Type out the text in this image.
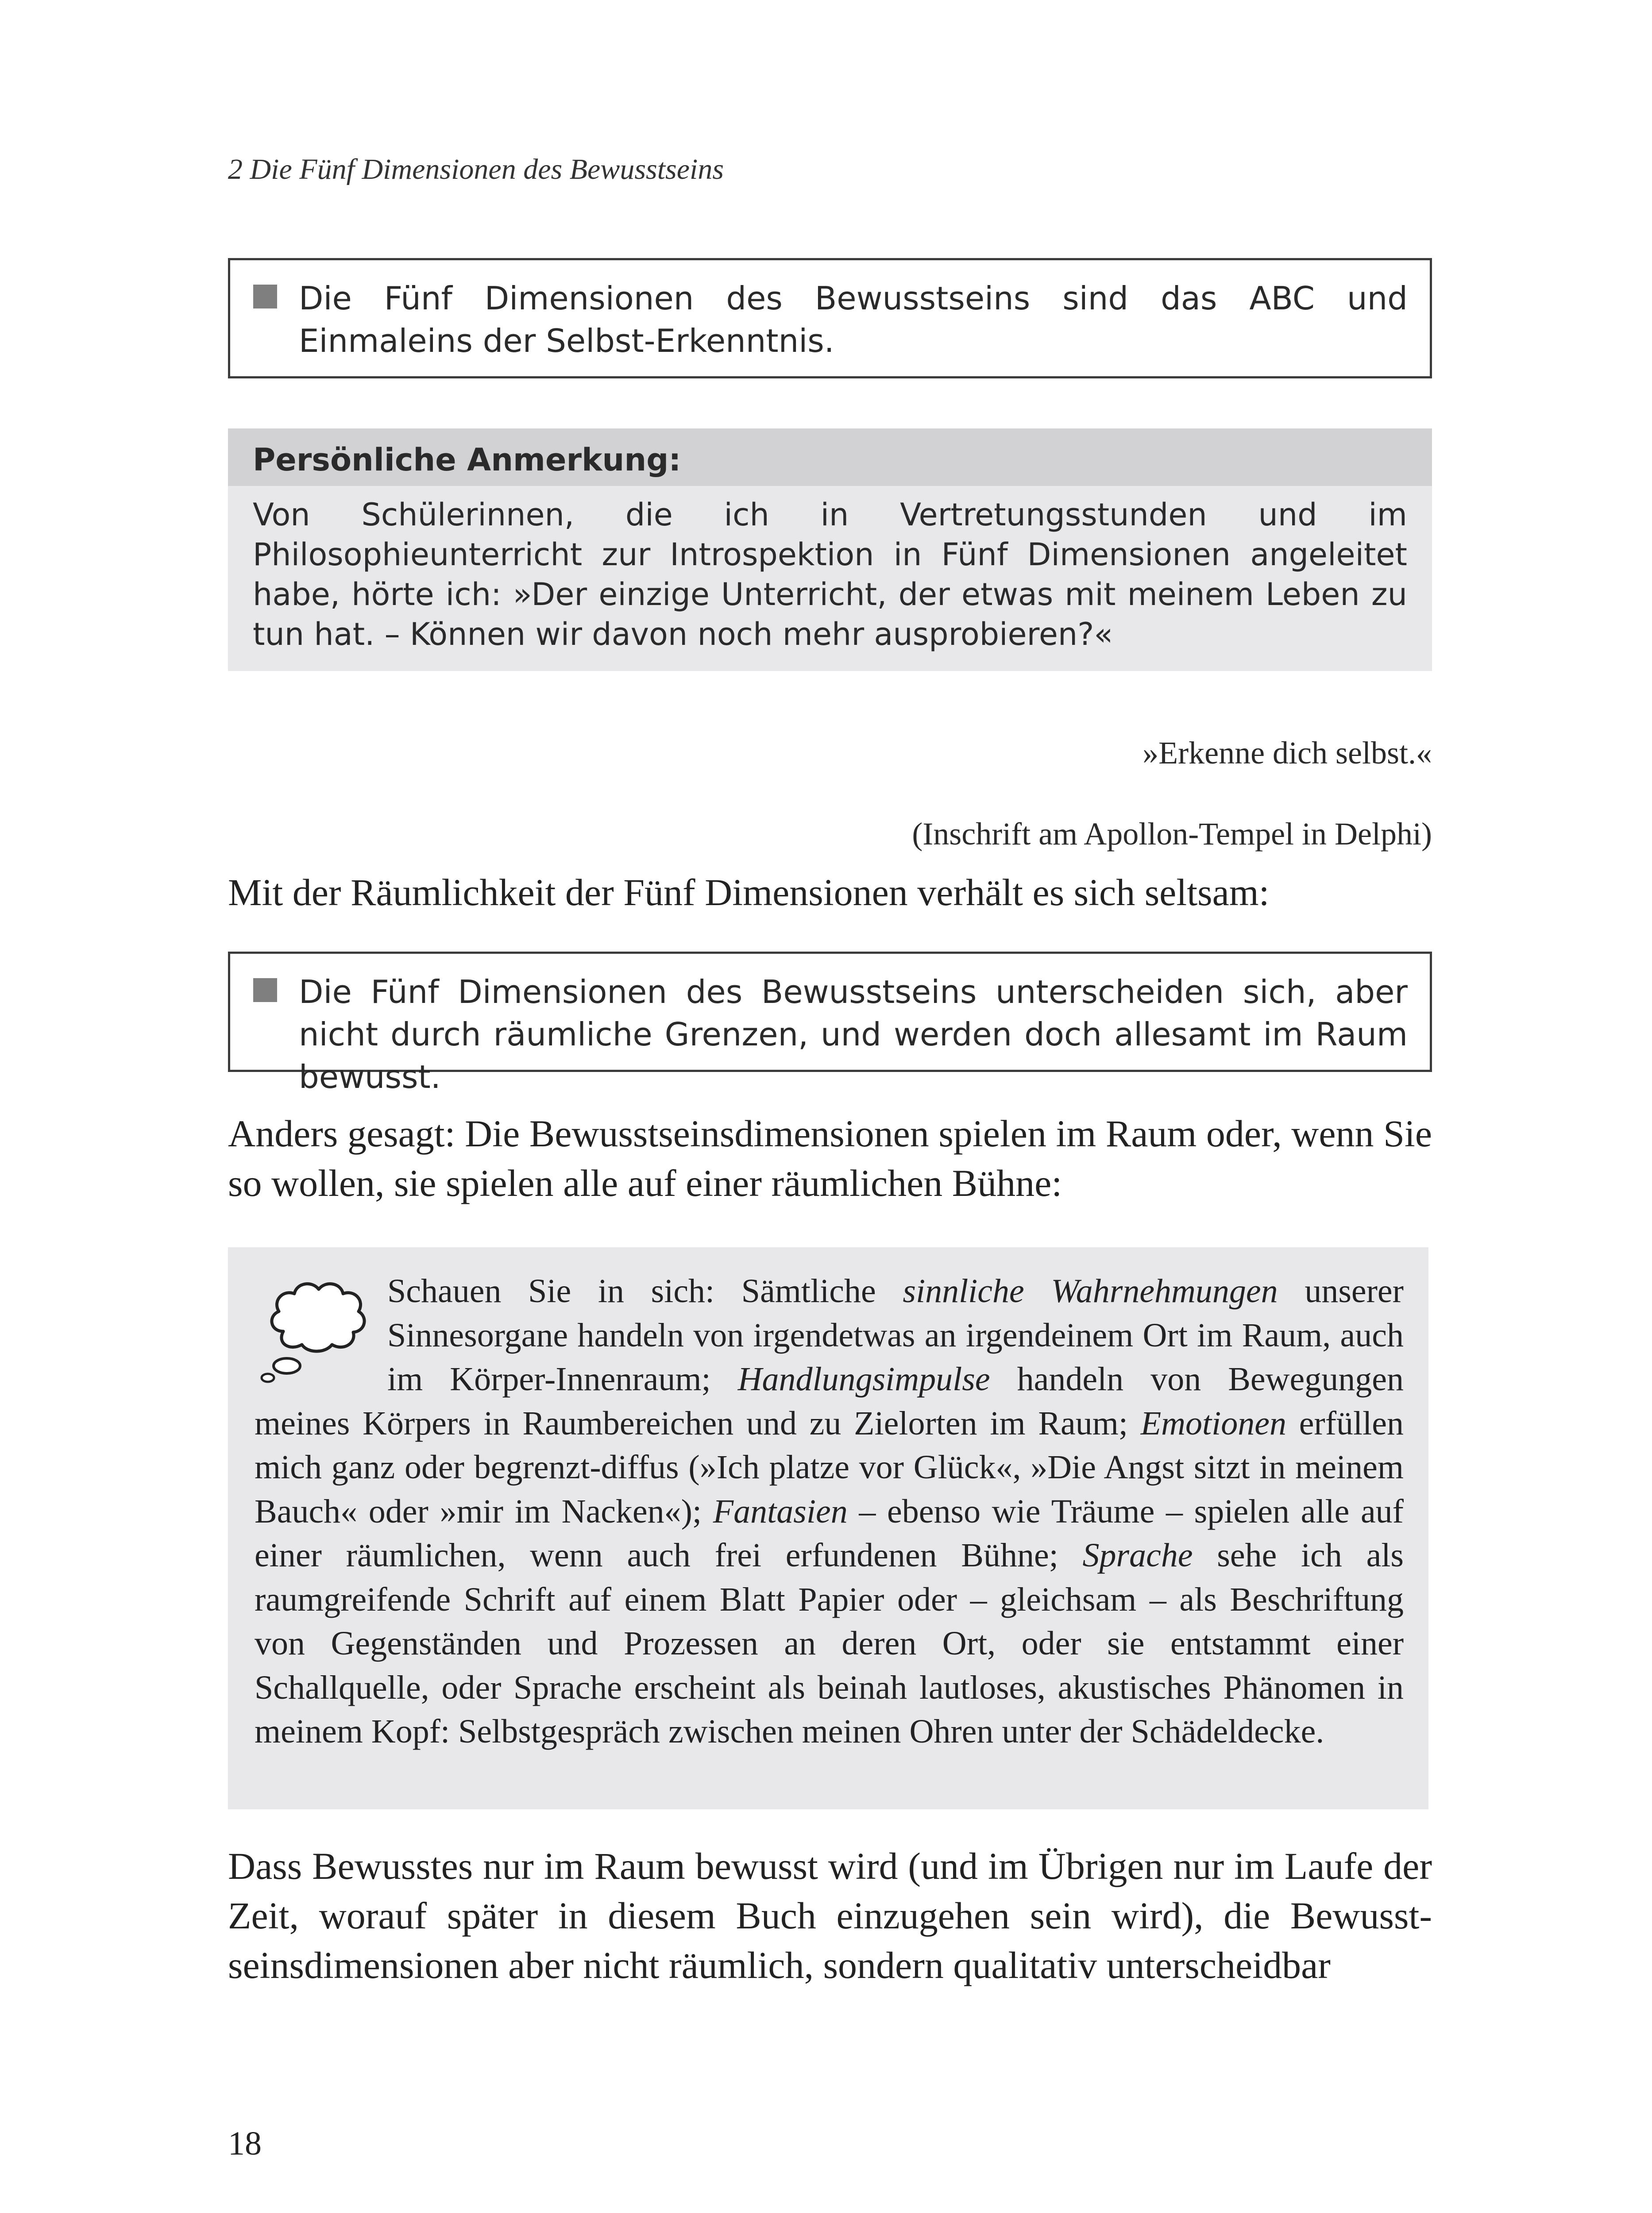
2 Die Fünf Dimensionen des Bewusstseins
Die Fünf Dimensionen des Bewusstseins sind das ABC und Einmaleins der Selbst-Erkenntnis.
Persönliche Anmerkung:
Von Schülerinnen, die ich in Vertretungsstunden und im Philosophieunterricht zur Introspektion in Fünf Dimensionen angeleitet habe, hörte ich: »Der einzige Unterricht, der etwas mit meinem Leben zu tun hat. – Können wir davon noch mehr ausprobieren?«
»Erkenne dich selbst.«
(Inschrift am Apollon-Tempel in Delphi)
Mit der Räumlichkeit der Fünf Dimensionen verhält es sich seltsam:
Die Fünf Dimensionen des Bewusstseins unterscheiden sich, aber nicht durch räumliche Grenzen, und werden doch allesamt im Raum bewusst.
Anders gesagt: Die Bewusstseinsdimensionen spielen im Raum oder, wenn Sie so wollen, sie spielen alle auf einer räumlichen Bühne:
Schauen Sie in sich: Sämtliche sinnliche Wahrnehmungen unserer Sinnesorgane handeln von irgendetwas an irgendeinem Ort im Raum, auch im Körper-Innenraum; Handlungsimpulse handeln von Bewegungen meines Körpers in Raumbereichen und zu Zielorten im Raum; Emotionen erfüllen mich ganz oder begrenzt-diffus (»Ich platze vor Glück«, »Die Angst sitzt in meinem Bauch« oder »mir im Nacken«); Fantasien – ebenso wie Träume – spielen alle auf einer räumlichen, wenn auch frei erfundenen Bühne; Sprache sehe ich als raumgreifende Schrift auf einem Blatt Papier oder – gleichsam – als Beschriftung von Gegenständen und Prozessen an deren Ort, oder sie entstammt einer Schallquelle, oder Sprache erscheint als beinah lautloses, akustisches Phänomen in meinem Kopf: Selbstgespräch zwischen meinen Ohren unter der Schädeldecke.
Dass Bewusstes nur im Raum bewusst wird (und im Übrigen nur im Laufe der Zeit, worauf später in diesem Buch einzugehen sein wird), die Bewusstseinsdimensionen aber nicht räumlich, sondern qualitativ unterscheidbar
18
